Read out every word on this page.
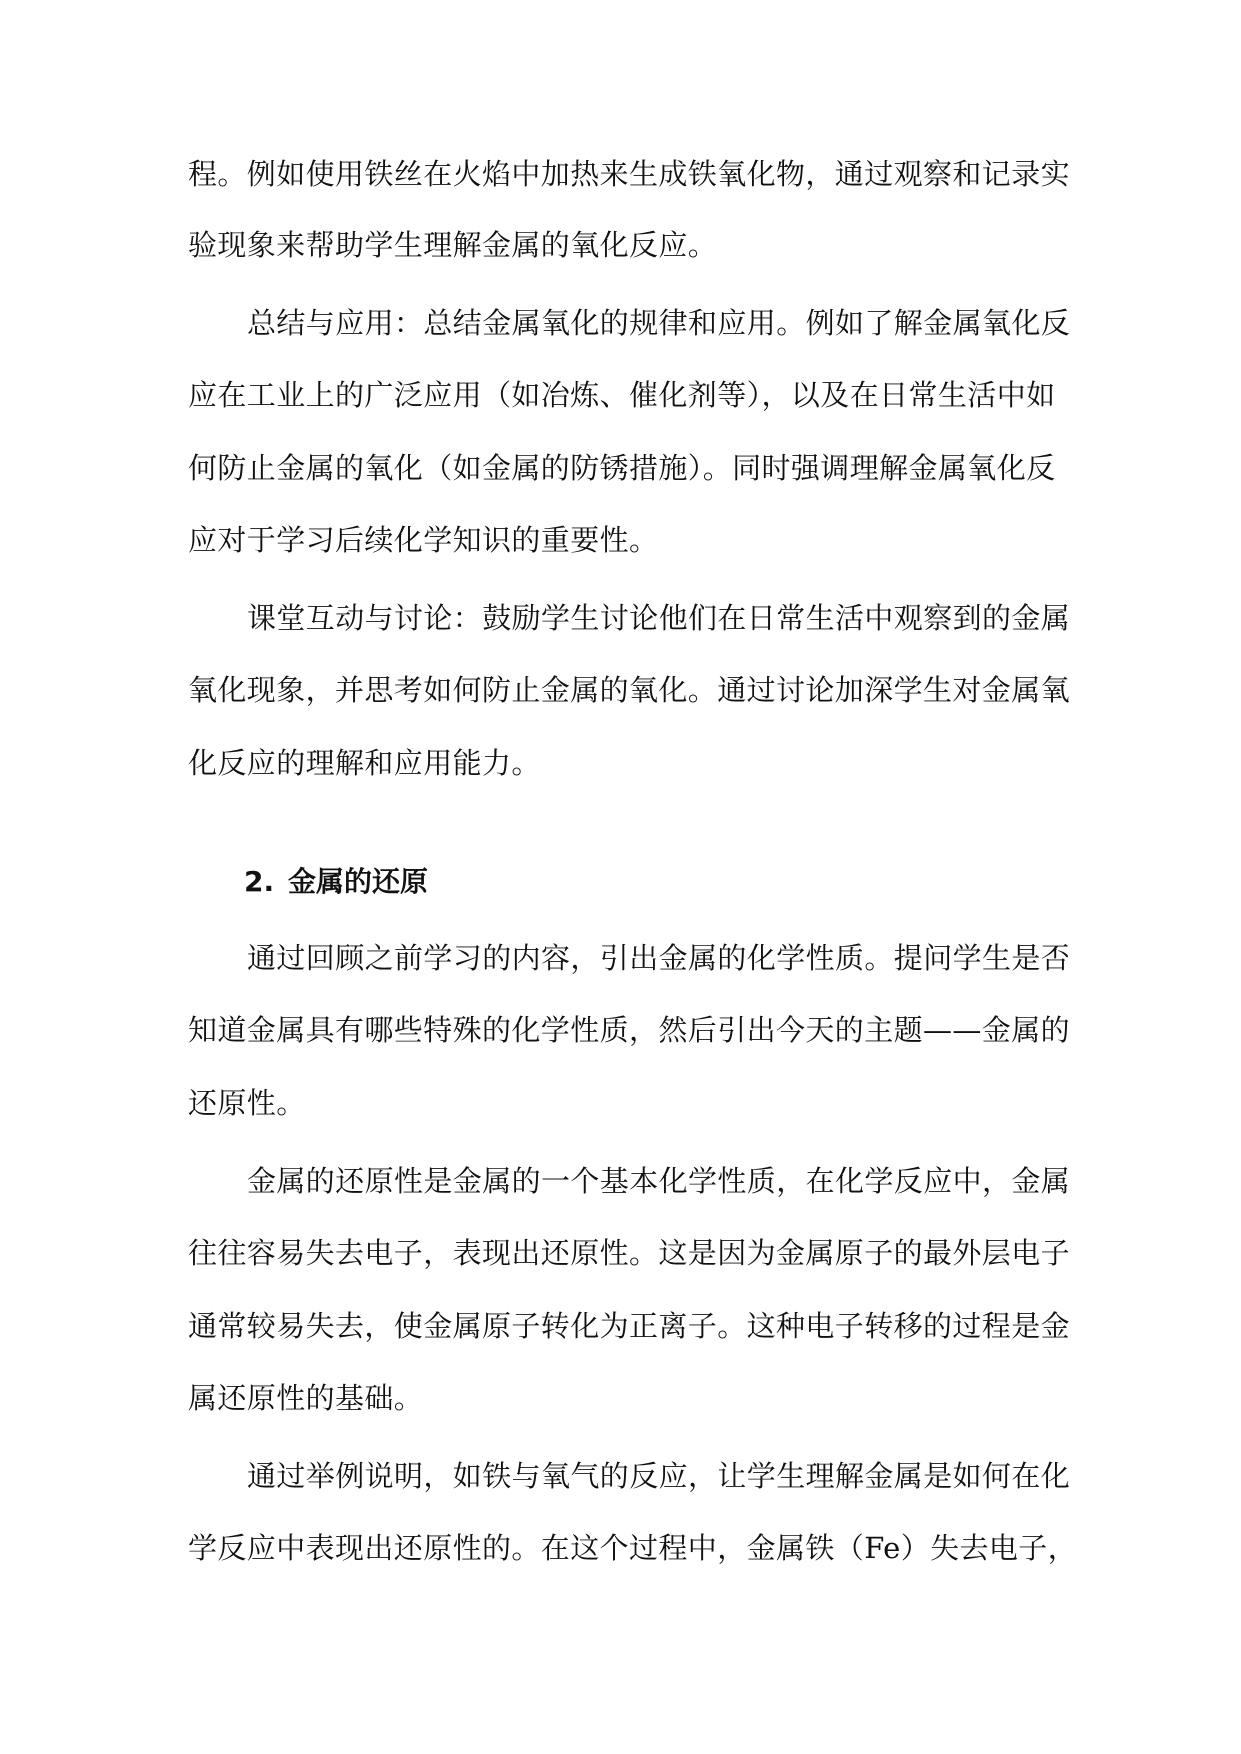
程。例如使用铁丝在火焰中加热来生成铁氧化物，通过观察和记录实
验现象来帮助学生理解金属的氧化反应。
总结与应用：总结金属氧化的规律和应用。例如了解金属氧化反
应在工业上的广泛应用（如冶炼、催化剂等），以及在日常生活中如
何防止金属的氧化（如金属的防锈措施）。同时强调理解金属氧化反
应对于学习后续化学知识的重要性。
课堂互动与讨论：鼓励学生讨论他们在日常生活中观察到的金属
氧化现象，并思考如何防止金属的氧化。通过讨论加深学生对金属氧
化反应的理解和应用能力。
2. 金属的还原
通过回顾之前学习的内容，引出金属的化学性质。提问学生是否
知道金属具有哪些特殊的化学性质，然后引出今天的主题——金属的
还原性。
金属的还原性是金属的一个基本化学性质，在化学反应中，金属
往往容易失去电子，表现出还原性。这是因为金属原子的最外层电子
通常较易失去，使金属原子转化为正离子。这种电子转移的过程是金
属还原性的基础。
通过举例说明，如铁与氧气的反应，让学生理解金属是如何在化
学反应中表现出还原性的。在这个过程中，金属铁（Fe）失去电子，
